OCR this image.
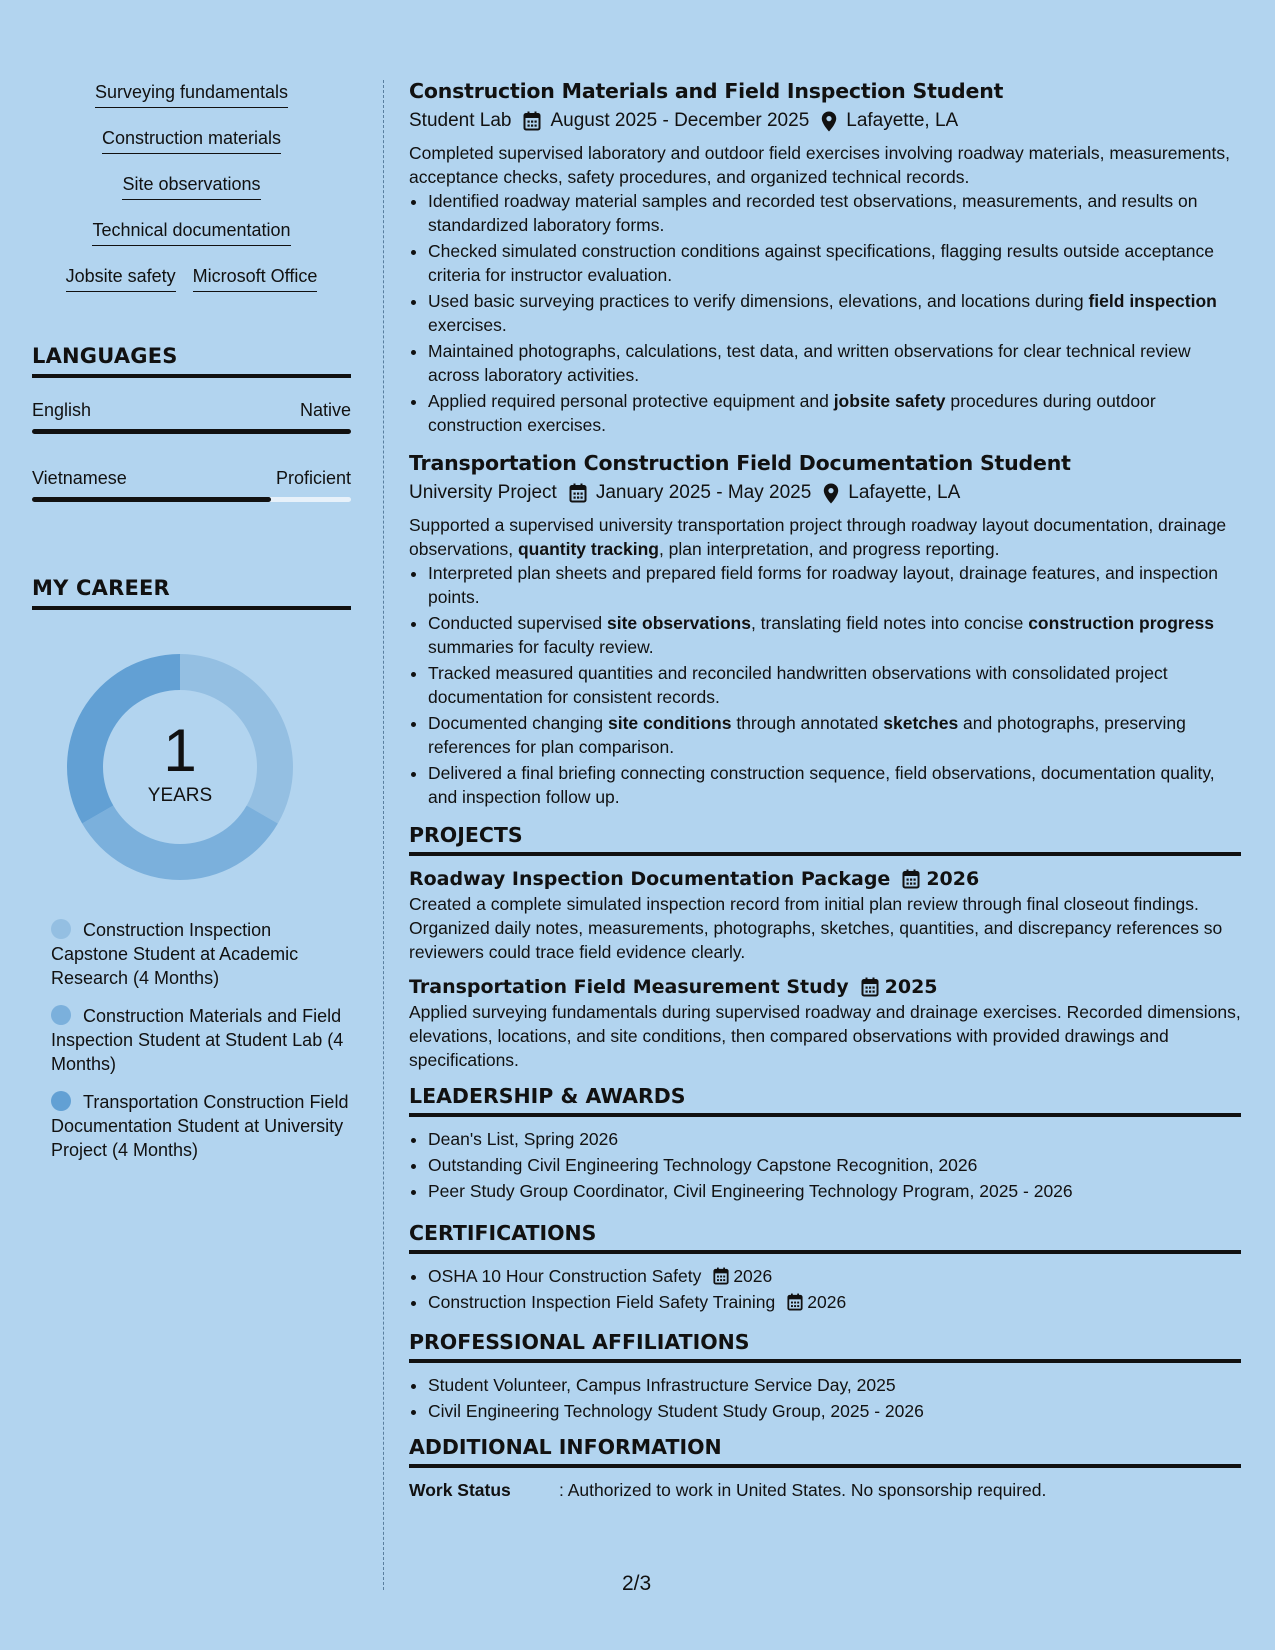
Surveying fundamentals
Construction materials
Site observations
Technical documentation
Jobsite safety Microsoft Office
LANGUAGES
English	Native
Vietnamese	Proficient
MY CAREER
1
YEARS
Construction Inspection Capstone Student at Academic Research (4 Months)
Construction Materials and Field Inspection Student at Student Lab (4 Months)
Transportation Construction Field Documentation Student at University Project (4 Months)
Construction Materials and Field Inspection Student
Student Lab August 2025 - December 2025 Lafayette, LA
Completed supervised laboratory and outdoor field exercises involving roadway materials, measurements, acceptance checks, safety procedures, and organized technical records.
• Identified roadway material samples and recorded test observations, measurements, and results on standardized laboratory forms.
• Checked simulated construction conditions against specifications, flagging results outside acceptance criteria for instructor evaluation.
• Used basic surveying practices to verify dimensions, elevations, and locations during field inspection exercises.
• Maintained photographs, calculations, test data, and written observations for clear technical review across laboratory activities.
• Applied required personal protective equipment and jobsite safety procedures during outdoor construction exercises.
Transportation Construction Field Documentation Student
University Project January 2025 - May 2025 Lafayette, LA
Supported a supervised university transportation project through roadway layout documentation, drainage observations, quantity tracking, plan interpretation, and progress reporting.
• Interpreted plan sheets and prepared field forms for roadway layout, drainage features, and inspection points.
• Conducted supervised site observations, translating field notes into concise construction progress summaries for faculty review.
• Tracked measured quantities and reconciled handwritten observations with consolidated project documentation for consistent records.
• Documented changing site conditions through annotated sketches and photographs, preserving references for plan comparison.
• Delivered a final briefing connecting construction sequence, field observations, documentation quality, and inspection follow up.
PROJECTS
Roadway Inspection Documentation Package 2026
Created a complete simulated inspection record from initial plan review through final closeout findings. Organized daily notes, measurements, photographs, sketches, quantities, and discrepancy references so reviewers could trace field evidence clearly.
Transportation Field Measurement Study 2025
Applied surveying fundamentals during supervised roadway and drainage exercises. Recorded dimensions, elevations, locations, and site conditions, then compared observations with provided drawings and specifications.
LEADERSHIP & AWARDS
• Dean's List, Spring 2026
• Outstanding Civil Engineering Technology Capstone Recognition, 2026
• Peer Study Group Coordinator, Civil Engineering Technology Program, 2025 - 2026
CERTIFICATIONS
• OSHA 10 Hour Construction Safety 2026
• Construction Inspection Field Safety Training 2026
PROFESSIONAL AFFILIATIONS
• Student Volunteer, Campus Infrastructure Service Day, 2025
• Civil Engineering Technology Student Study Group, 2025 - 2026
ADDITIONAL INFORMATION
Work Status	: Authorized to work in United States. No sponsorship required.
2/3
